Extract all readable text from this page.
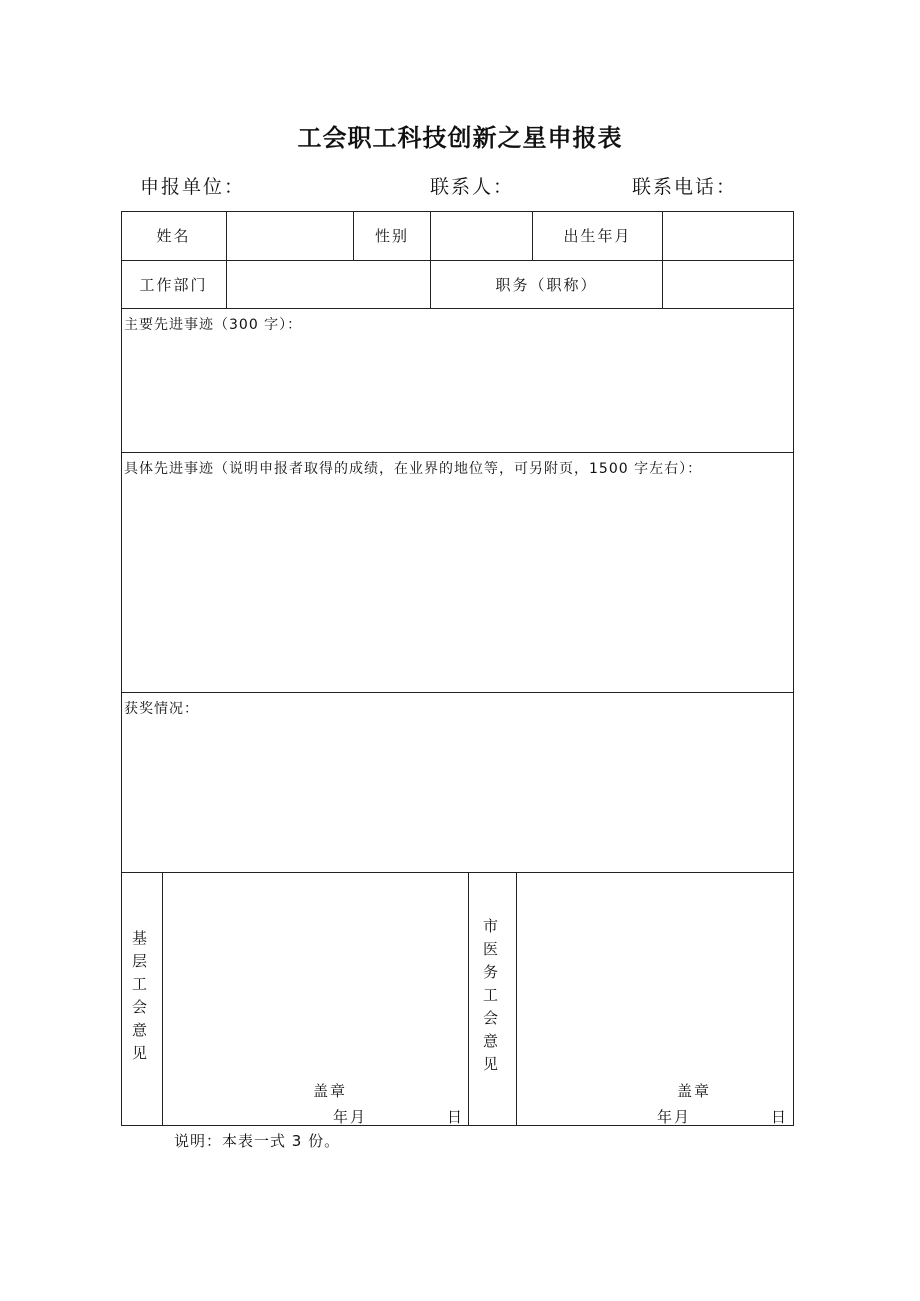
工会职工科技创新之星申报表
申报单位：	联系人：	联系电话：
姓名	性别	出生年月
工作部门	职务（职称）
主要先进事迹（300 字）：
具体先进事迹（说明申报者取得的成绩，在业界的地位等，可另附页，1500 字左右）：
获奖情况：
基层工会意见	市医务工会意见
盖章
年月	日
盖章
年月	日
说明：本表一式 3 份。
